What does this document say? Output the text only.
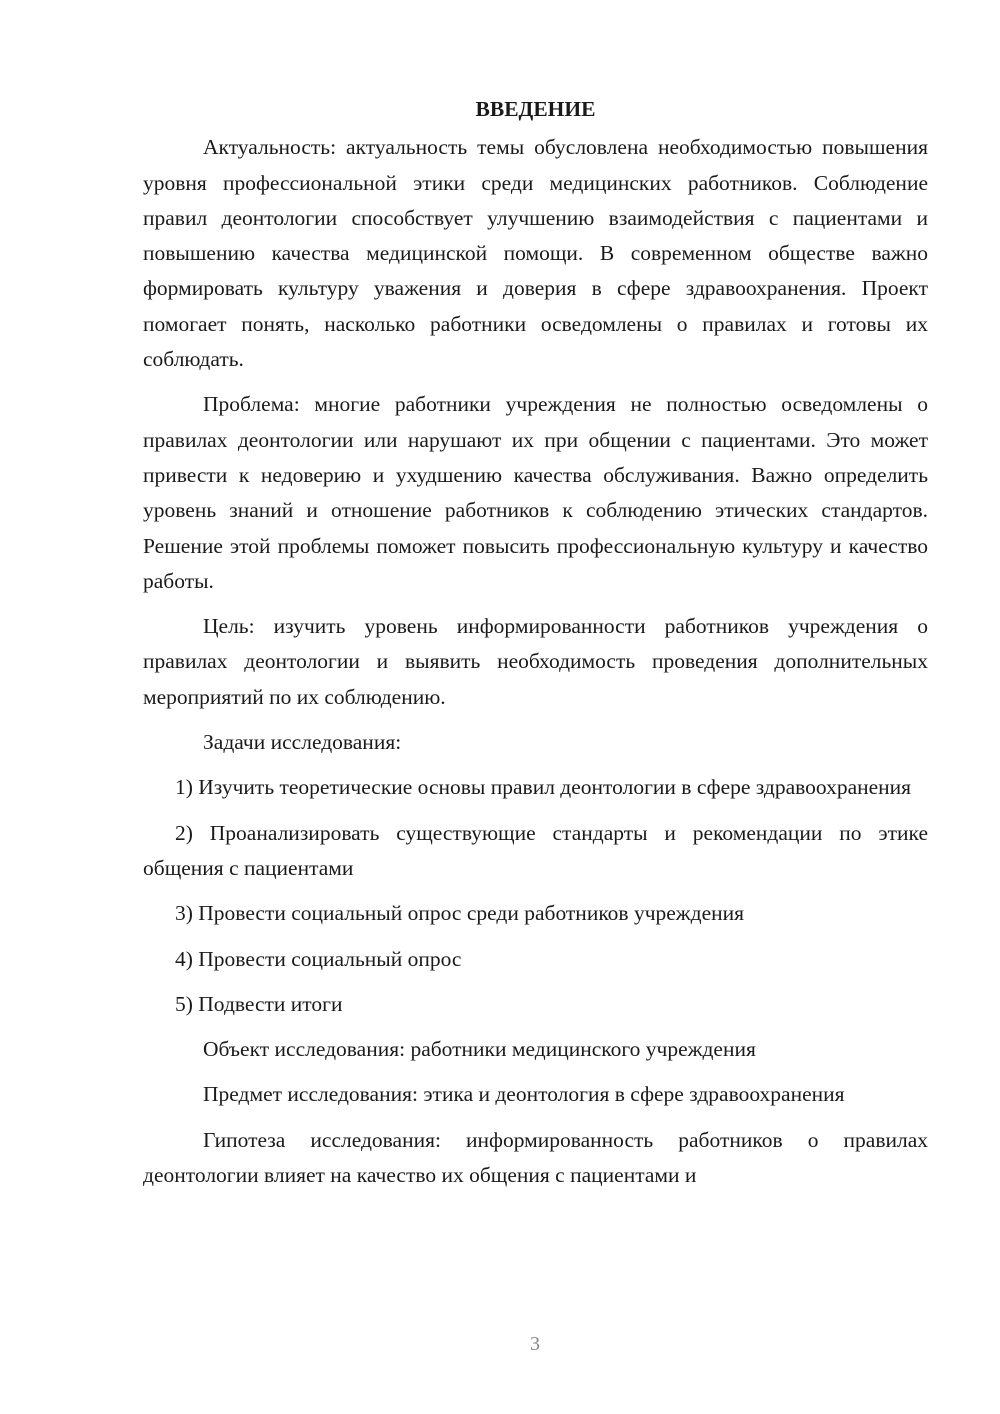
ВВЕДЕНИЕ

Актуальность: актуальность темы обусловлена необходимостью повышения уровня профессиональной этики среди медицинских работников. Соблюдение правил деонтологии способствует улучшению взаимодействия с пациентами и повышению качества медицинской помощи. В современном обществе важно формировать культуру уважения и доверия в сфере здравоохранения. Проект помогает понять, насколько работники осведомлены о правилах и готовы их соблюдать.

Проблема: многие работники учреждения не полностью осведомлены о правилах деонтологии или нарушают их при общении с пациентами. Это может привести к недоверию и ухудшению качества обслуживания. Важно определить уровень знаний и отношение работников к соблюдению этических стандартов. Решение этой проблемы поможет повысить профессиональную культуру и качество работы.

Цель: изучить уровень информированности работников учреждения о правилах деонтологии и выявить необходимость проведения дополнительных мероприятий по их соблюдению.

Задачи исследования:

1) Изучить теоретические основы правил деонтологии в сфере здравоохранения

2) Проанализировать существующие стандарты и рекомендации по этике общения с пациентами

3) Провести социальный опрос среди работников учреждения

4) Провести социальный опрос

5) Подвести итоги

Объект исследования: работники медицинского учреждения

Предмет исследования: этика и деонтология в сфере здравоохранения

Гипотеза исследования: информированность работников о правилах деонтологии влияет на качество их общения с пациентами и

3
